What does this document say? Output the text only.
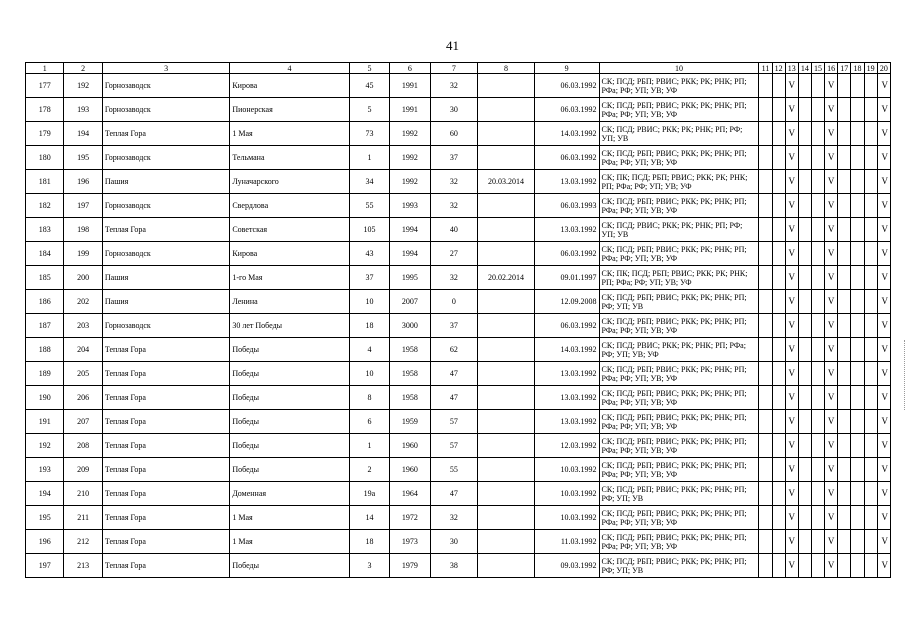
41
1	2	3	4	5	6	7	8	9	10	11	12	13	14	15	16	17	18	19	20
177	192	Горнозаводск	Кирова	45	1991	32		06.03.1992	СК; ПСД; РБП; РВИС; РКК; РК; РНК; РП; РФа; РФ; УП; УВ; УФ			V			V				V
178	193	Горнозаводск	Пионерская	5	1991	30		06.03.1992	СК; ПСД; РБП; РВИС; РКК; РК; РНК; РП; РФа; РФ; УП; УВ; УФ			V			V				V
179	194	Теплая Гора	1 Мая	73	1992	60		14.03.1992	СК; ПСД; РВИС; РКК; РК; РНК; РП; РФ; УП; УВ			V			V				V
180	195	Горнозаводск	Тельмана	1	1992	37		06.03.1992	СК; ПСД; РБП; РВИС; РКК; РК; РНК; РП; РФа; РФ; УП; УВ; УФ			V			V				V
181	196	Пашия	Луначарского	34	1992	32	20.03.2014	13.03.1992	СК; ПК; ПСД; РБП; РВИС; РКК; РК; РНК; РП; РФа; РФ; УП; УВ; УФ			V			V				V
182	197	Горнозаводск	Свердлова	55	1993	32		06.03.1993	СК; ПСД; РБП; РВИС; РКК; РК; РНК; РП; РФа; РФ; УП; УВ; УФ			V			V				V
183	198	Теплая Гора	Советская	105	1994	40		13.03.1992	СК; ПСД; РВИС; РКК; РК; РНК; РП; РФ; УП; УВ			V			V				V
184	199	Горнозаводск	Кирова	43	1994	27		06.03.1992	СК; ПСД; РБП; РВИС; РКК; РК; РНК; РП; РФа; РФ; УП; УВ; УФ			V			V				V
185	200	Пашия	1-го Мая	37	1995	32	20.02.2014	09.01.1997	СК; ПК; ПСД; РБП; РВИС; РКК; РК; РНК; РП; РФа; РФ; УП; УВ; УФ			V			V				V
186	202	Пашия	Ленина	10	2007	0		12.09.2008	СК; ПСД; РБП; РВИС; РКК; РК; РНК; РП; РФ; УП; УВ			V			V				V
187	203	Горнозаводск	30 лет Победы	18	3000	37		06.03.1992	СК; ПСД; РБП; РВИС; РКК; РК; РНК; РП; РФа; РФ; УП; УВ; УФ			V			V				V
188	204	Теплая Гора	Победы	4	1958	62		14.03.1992	СК; ПСД; РВИС; РКК; РК; РНК; РП; РФа; РФ; УП; УВ; УФ			V			V				V
189	205	Теплая Гора	Победы	10	1958	47		13.03.1992	СК; ПСД; РБП; РВИС; РКК; РК; РНК; РП; РФа; РФ; УП; УВ; УФ			V			V				V
190	206	Теплая Гора	Победы	8	1958	47		13.03.1992	СК; ПСД; РБП; РВИС; РКК; РК; РНК; РП; РФа; РФ; УП; УВ; УФ			V			V				V
191	207	Теплая Гора	Победы	6	1959	57		13.03.1992	СК; ПСД; РБП; РВИС; РКК; РК; РНК; РП; РФа; РФ; УП; УВ; УФ			V			V				V
192	208	Теплая Гора	Победы	1	1960	57		12.03.1992	СК; ПСД; РБП; РВИС; РКК; РК; РНК; РП; РФа; РФ; УП; УВ; УФ			V			V				V
193	209	Теплая Гора	Победы	2	1960	55		10.03.1992	СК; ПСД; РБП; РВИС; РКК; РК; РНК; РП; РФа; РФ; УП; УВ; УФ			V			V				V
194	210	Теплая Гора	Доменная	19а	1964	47		10.03.1992	СК; ПСД; РБП; РВИС; РКК; РК; РНК; РП; РФ; УП; УВ			V			V				V
195	211	Теплая Гора	1 Мая	14	1972	32		10.03.1992	СК; ПСД; РБП; РВИС; РКК; РК; РНК; РП; РФа; РФ; УП; УВ; УФ			V			V				V
196	212	Теплая Гора	1 Мая	18	1973	30		11.03.1992	СК; ПСД; РБП; РВИС; РКК; РК; РНК; РП; РФа; РФ; УП; УВ; УФ			V			V				V
197	213	Теплая Гора	Победы	3	1979	38		09.03.1992	СК; ПСД; РБП; РВИС; РКК; РК; РНК; РП; РФ; УП; УВ			V			V				V
